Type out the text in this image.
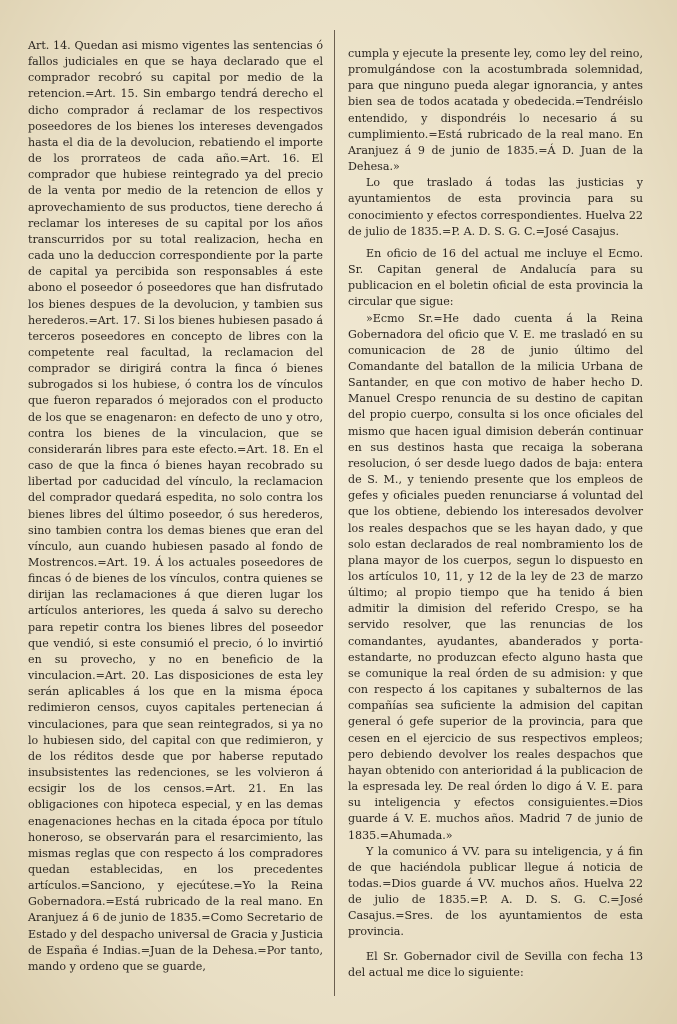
Art. 14. Quedan asi mismo vigentes las sentencias ó fallos judiciales en que se haya declarado que el comprador recobró su capital por medio de la retencion.=Art. 15. Sin embargo tendrá derecho el dicho comprador á reclamar de los respectivos poseedores de los bienes los intereses devengados hasta el dia de la devolucion, rebatiendo el importe de los prorrateos de cada año.=Art. 16. El comprador que hubiese reintegrado ya del precio de la venta por medio de la retencion de ellos y aprovechamiento de sus productos, tiene derecho á reclamar los intereses de su capital por los años transcurridos por su total realizacion, hecha en cada uno la deduccion correspondiente por la parte de capital ya percibida son responsables á este abono el poseedor ó poseedores que han disfrutado los bienes despues de la devolucion, y tambien sus herederos.=Art. 17. Si los bienes hubiesen pasado á terceros poseedores en concepto de libres con la competente real facultad, la reclamacion del comprador se dirigirá contra la finca ó bienes subrogados si los hubiese, ó contra los de vínculos que fueron reparados ó mejorados con el producto de los que se enagenaron: en defecto de uno y otro, contra los bienes de la vinculacion, que se considerarán libres para este efecto.=Art. 18. En el caso de que la finca ó bienes hayan recobrado su libertad por caducidad del vínculo, la reclamacion del comprador quedará espedita, no solo contra los bienes libres del último poseedor, ó sus herederos, sino tambien contra los demas bienes que eran del vínculo, aun cuando hubiesen pasado al fondo de Mostrencos.=Art. 19. Á los actuales poseedores de fincas ó de bienes de los vínculos, contra quienes se dirijan las reclamaciones á que dieren lugar los artículos anteriores, les queda á salvo su derecho para repetir contra los bienes libres del poseedor que vendió, si este consumió el precio, ó lo invirtió en su provecho, y no en beneficio de la vinculacion.=Art. 20. Las disposiciones de esta ley serán aplicables á los que en la misma época redimieron censos, cuyos capitales pertenecian á vinculaciones, para que sean reintegrados, si ya no lo hubiesen sido, del capital con que redimieron, y de los réditos desde que por haberse reputado insubsistentes las redenciones, se les volvieron á ecsigir los de los censos.=Art. 21. En las obligaciones con hipoteca especial, y en las demas enagenaciones hechas en la citada época por título honeroso, se observarán para el resarcimiento, las mismas reglas que con respecto á los compradores quedan establecidas, en los precedentes artículos.=Sanciono, y ejecútese.=Yo la Reina Gobernadora.=Está rubricado de la real mano. En Aranjuez á 6 de junio de 1835.=Como Secretario de Estado y del despacho universal de Gracia y Justicia de España é Indias.=Juan de la Dehesa.=Por tanto, mando y ordeno que se guarde,

cumpla y ejecute la presente ley, como ley del reino, promulgándose con la acostumbrada solemnidad, para que ninguno pueda alegar ignorancia, y antes bien sea de todos acatada y obedecida.=Tendréislo entendido, y dispondréis lo necesario á su cumplimiento.=Está rubricado de la real mano. En Aranjuez á 9 de junio de 1835.=Á D. Juan de la Dehesa.»

Lo que traslado á todas las justicias y ayuntamientos de esta provincia para su conocimiento y efectos correspondientes. Huelva 22 de julio de 1835.=P. A. D. S. G. C.=José Casajus.

En oficio de 16 del actual me incluye el Ecmo. Sr. Capitan general de Andalucía para su publicacion en el boletin oficial de esta provincia la circular que sigue:

»Ecmo Sr.=He dado cuenta á la Reina Gobernadora del oficio que V. E. me trasladó en su comunicacion de 28 de junio último del Comandante del batallon de la milicia Urbana de Santander, en que con motivo de haber hecho D. Manuel Crespo renuncia de su destino de capitan del propio cuerpo, consulta si los once oficiales del mismo que hacen igual dimision deberán continuar en sus destinos hasta que recaiga la soberana resolucion, ó ser desde luego dados de baja: entera de S. M., y teniendo presente que los empleos de gefes y oficiales pueden renunciarse á voluntad del que los obtiene, debiendo los interesados devolver los reales despachos que se les hayan dado, y que solo estan declarados de real nombramiento los de plana mayor de los cuerpos, segun lo dispuesto en los artículos 10, 11, y 12 de la ley de 23 de marzo último; al propio tiempo que ha tenido á bien admitir la dimision del referido Crespo, se ha servido resolver, que las renuncias de los comandantes, ayudantes, abanderados y porta-estandarte, no produzcan efecto alguno hasta que se comunique la real órden de su admision: y que con respecto á los capitanes y subalternos de las compañías sea suficiente la admision del capitan general ó gefe superior de la provincia, para que cesen en el ejercicio de sus respectivos empleos; pero debiendo devolver los reales despachos que hayan obtenido con anterioridad á la publicacion de la espresada ley. De real órden lo digo á V. E. para su inteligencia y efectos consiguientes.=Dios guarde á V. E. muchos años. Madrid 7 de junio de 1835.=Ahumada.»

Y la comunico á VV. para su inteligencia, y á fin de que haciéndola publicar llegue á noticia de todas.=Dios guarde á VV. muchos años. Huelva 22 de julio de 1835.=P. A. D. S. G. C.=José Casajus.=Sres. de los ayuntamientos de esta provincia.

El Sr. Gobernador civil de Sevilla con fecha 13 del actual me dice lo siguiente:
